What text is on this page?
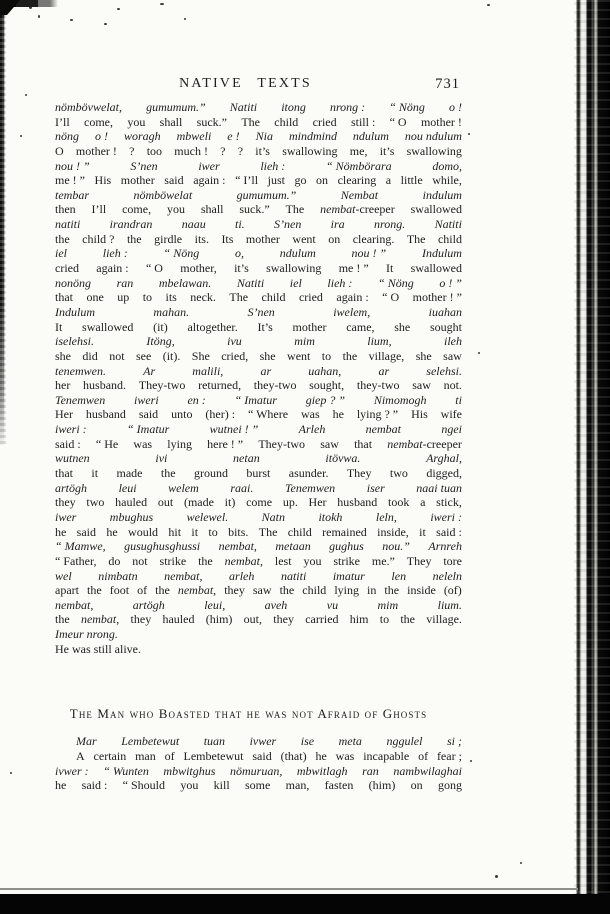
NATIVE TEXTS	731
nömbövwelat, gumumum.” Natiti itong nrong : “ Nöng o !
I’ll come, you shall suck.” The child cried still : “ O mother !
nöng o ! woragh mbweli e ! Nia mindmind ndulum nou ndulum
O mother ! ? too much ! ? ? it’s swallowing me, it’s swallowing
nou ! ”	S’nen	iwer	lieh :	“ Nömbörara	domo,
me ! ” His mother said again : “ I’ll just go on clearing a little while,
tembar	nömböwelat	gumumum.”	Nembat	indulum
then I’ll come, you shall suck.” The nembat-creeper swallowed
natiti irandran naau ti. S’nen ira nrong. Natiti
the child ? the girdle its. Its mother went on clearing. The child
iel	lieh :	“ Nöng	o,	ndulum	nou ! ”	Indulum
cried again : “ O mother, it’s swallowing me ! ” It swallowed
nonöng ran mbelawan. Natiti iel lieh : “ Nöng o ! ”
that one up to its neck. The child cried again : “ O mother ! ”
Indulum	mahan.	S’nen	iwelem,	iuahan
It swallowed (it) altogether. It’s mother came, she sought
iselehsi.	Itöng,	ivu	mim	lium,	ileh
she did not see (it). She cried, she went to the village, she saw
tenemwen.	Ar	malili,	ar	uahan,	ar	selehsi.
her husband. They-two returned, they-two sought, they-two saw not.
Tenemwen iweri en : “ Imatur giep ? ” Nimomogh ti
Her husband said unto (her) : “ Where was he lying ? ” His wife
iweri :	“ Imatur	wutnei ! ”	Arleh	nembat	ngei
said : “ He was lying here ! ” They-two saw that nembat-creeper
wutnen	ivi	netan	itövwa.	Arghal,
that it made the ground burst asunder. They two digged,
artögh	leui	welem	raai.	Tenemwen	iser	naai tuan
they two hauled out (made it) come up. Her husband took a stick,
iwer	mbughus	welewel.	Natn	itokh	leln,	iweri :
he said he would hit it to bits. The child remained inside, it said :
“ Mamwe, gusughusghussi nembat, metaan gughus nou.” Arnreh
“ Father, do not strike the nembat, lest you strike me.” They tore
wel nimbatn nembat, arleh natiti imatur len neleln
apart the foot of the nembat, they saw the child lying in the inside (of)
nembat,	artögh	leui,	aveh	vu	mim	lium.
the nembat, they hauled (him) out, they carried him to the village.
Imeur nrong.
He was still alive.
The Man who Boasted that he was not Afraid of Ghosts
Mar Lembetewut tuan ivwer ise meta nggulel si ;
A certain man of Lembetewut said (that) he was incapable of fear ;
ivwer : “ Wunten mbwitghus nömuruan, mbwitlagh ran nambwilaghai
he said : “ Should you kill some man, fasten (him) on gong
